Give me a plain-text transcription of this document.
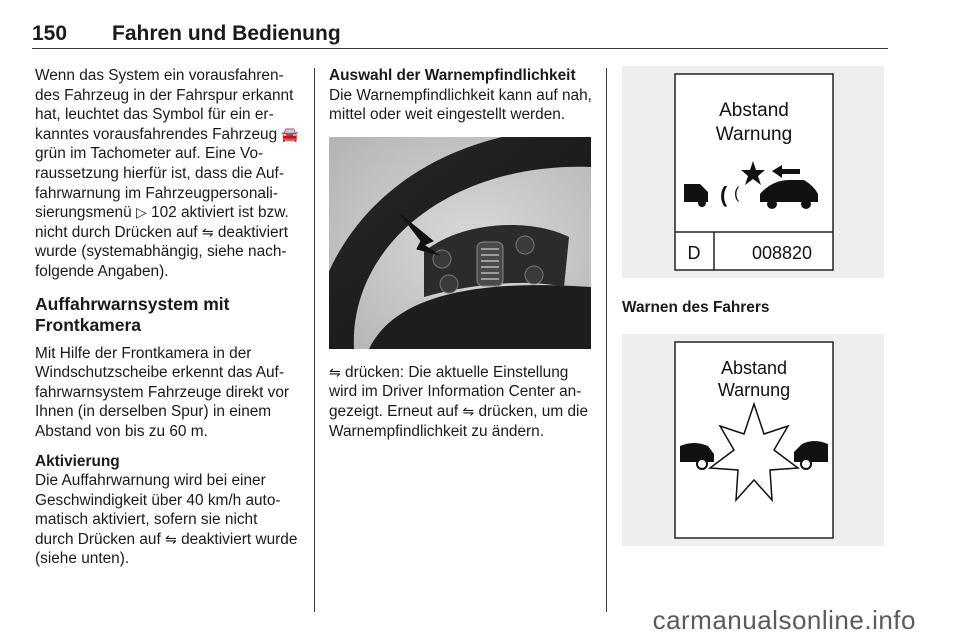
150 Fahren und Bedienung

Wenn das System ein vorausfahrendes Fahrzeug in der Fahrspur erkannt hat, leuchtet das Symbol für ein erkanntes vorausfahrendes Fahrzeug 🚘 grün im Tachometer auf. Eine Voraussetzung hierfür ist, dass die Auffahrwarnung im Fahrzeugpersonalisierungsmenü ▷ 102 aktiviert ist bzw. nicht durch Drücken auf ⇋ deaktiviert wurde (systemabhängig, siehe nachfolgende Angaben).

Auffahrwarnsystem mit Frontkamera

Mit Hilfe der Frontkamera in der Windschutzscheibe erkennt das Auffahrwarnsystem Fahrzeuge direkt vor Ihnen (in derselben Spur) in einem Abstand von bis zu 60 m.

Aktivierung

Die Auffahrwarnung wird bei einer Geschwindigkeit über 40 km/h automatisch aktiviert, sofern sie nicht durch Drücken auf ⇋ deaktiviert wurde (siehe unten).

Auswahl der Warnempfindlichkeit

Die Warnempfindlichkeit kann auf nah, mittel oder weit eingestellt werden.

⇋ drücken: Die aktuelle Einstellung wird im Driver Information Center angezeigt. Erneut auf ⇋ drücken, um die Warnempfindlichkeit zu ändern.

Abstand
Warnung
( (
D	008820

Warnen des Fahrers

Abstand
Warnung
carmanualsonline.info
